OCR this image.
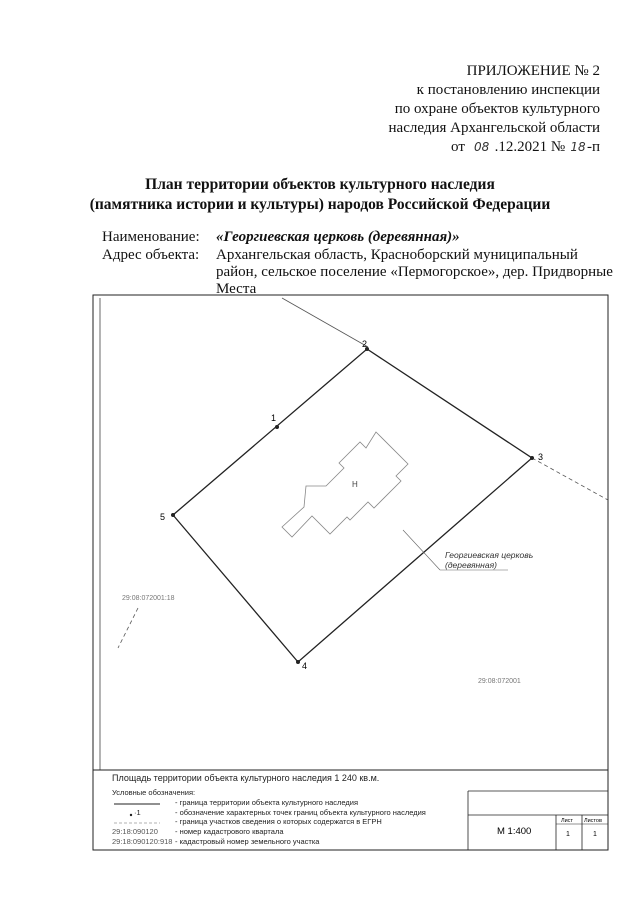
ПРИЛОЖЕНИЕ № 2
к постановлению инспекции
по охране объектов культурного
наследия Архангельской области
от 08 .12.2021 № 18-п
План территории объектов культурного наследия
(памятника истории и культуры) народов Российской Федерации
Наименование: «Георгиевская церковь (деревянная)»
Адрес объекта: Архангельская область, Красноборский муниципальный
район, сельское поселение «Пермогорское», дер. Придворные
Места
1
2
3
4
5
Н
Георгиевская церковь
(деревянная)
29:08:072001:18
29:08:072001
М 1:400
Лист Листов
1	1
Площадь территории объекта культурного наследия 1 240 кв.м.
Условные обозначения:
- граница территории объекта культурного наследия
·1	- обозначение характерных точек границ объекта культурного наследия
- граница участков сведения о которых содержатся в ЕГРН
29:18:090120 - номер кадастрового квартала
29:18:090120:918 - кадастровый номер земельного участка
